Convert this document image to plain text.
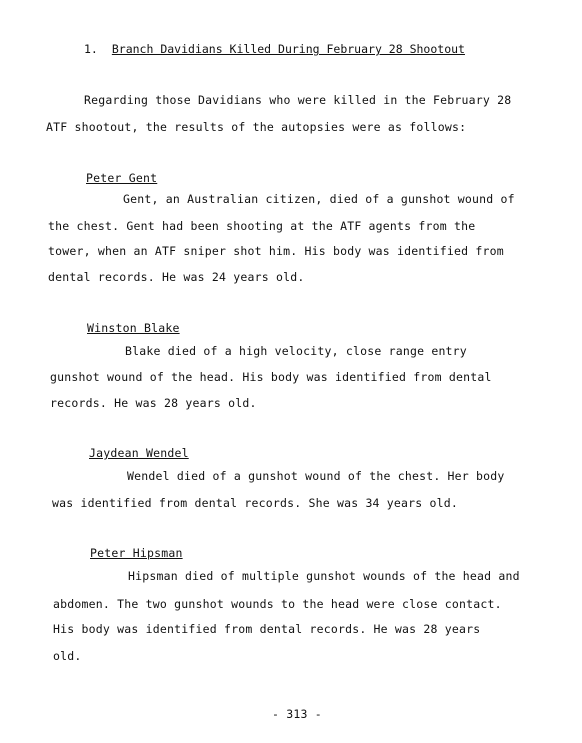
1. Branch Davidians Killed During February 28 Shootout
Regarding those Davidians who were killed in the February 28
ATF shootout, the results of the autopsies were as follows:
Peter Gent
Gent, an Australian citizen, died of a gunshot wound of
the chest. Gent had been shooting at the ATF agents from the
tower, when an ATF sniper shot him. His body was identified from
dental records. He was 24 years old.
Winston Blake
Blake died of a high velocity, close range entry
gunshot wound of the head. His body was identified from dental
records. He was 28 years old.
Jaydean Wendel
Wendel died of a gunshot wound of the chest. Her body
was identified from dental records. She was 34 years old.
Peter Hipsman
Hipsman died of multiple gunshot wounds of the head and
abdomen. The two gunshot wounds to the head were close contact.
His body was identified from dental records. He was 28 years
old.
- 313 -
